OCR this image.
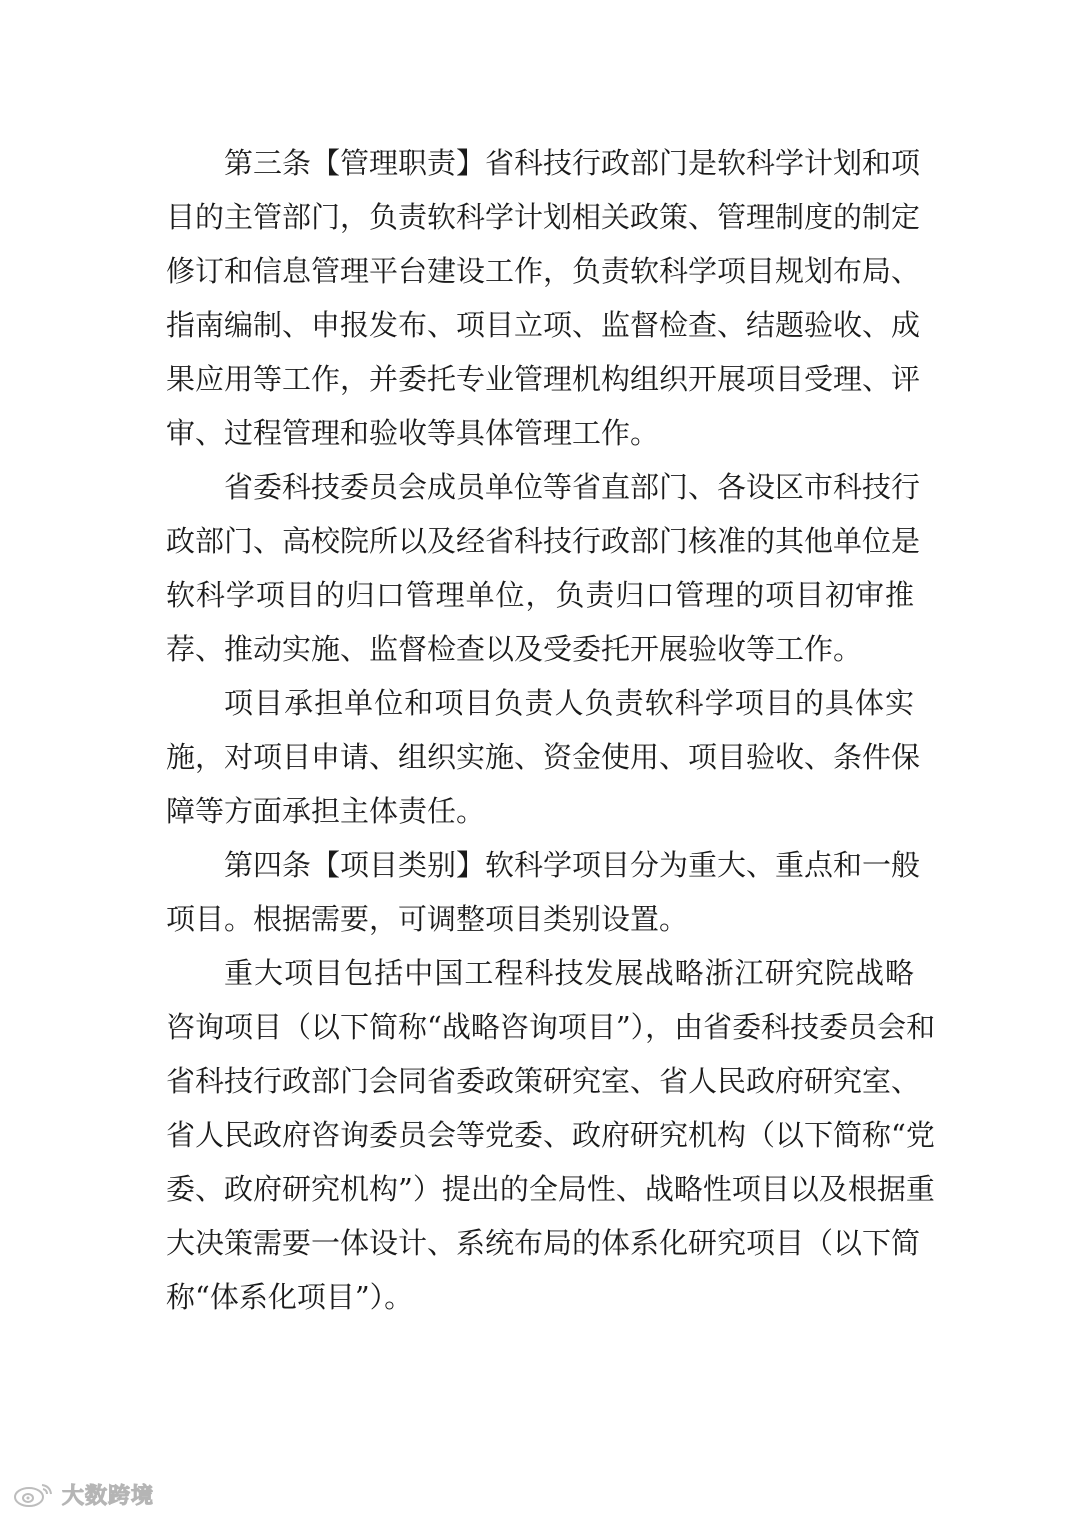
第三条【管理职责】省科技行政部门是软科学计划和项
目的主管部门，负责软科学计划相关政策、管理制度的制定
修订和信息管理平台建设工作，负责软科学项目规划布局、
指南编制、申报发布、项目立项、监督检查、结题验收、成
果应用等工作，并委托专业管理机构组织开展项目受理、评
审、过程管理和验收等具体管理工作。
省委科技委员会成员单位等省直部门、各设区市科技行
政部门、高校院所以及经省科技行政部门核准的其他单位是
软科学项目的归口管理单位，负责归口管理的项目初审推
荐、推动实施、监督检查以及受委托开展验收等工作。
项目承担单位和项目负责人负责软科学项目的具体实
施，对项目申请、组织实施、资金使用、项目验收、条件保
障等方面承担主体责任。
第四条【项目类别】软科学项目分为重大、重点和一般
项目。根据需要，可调整项目类别设置。
重大项目包括中国工程科技发展战略浙江研究院战略
咨询项目（以下简称“战略咨询项目”），由省委科技委员会和
省科技行政部门会同省委政策研究室、省人民政府研究室、
省人民政府咨询委员会等党委、政府研究机构（以下简称“党
委、政府研究机构”）提出的全局性、战略性项目以及根据重
大决策需要一体设计、系统布局的体系化研究项目（以下简
称“体系化项目”）。
大数跨境
